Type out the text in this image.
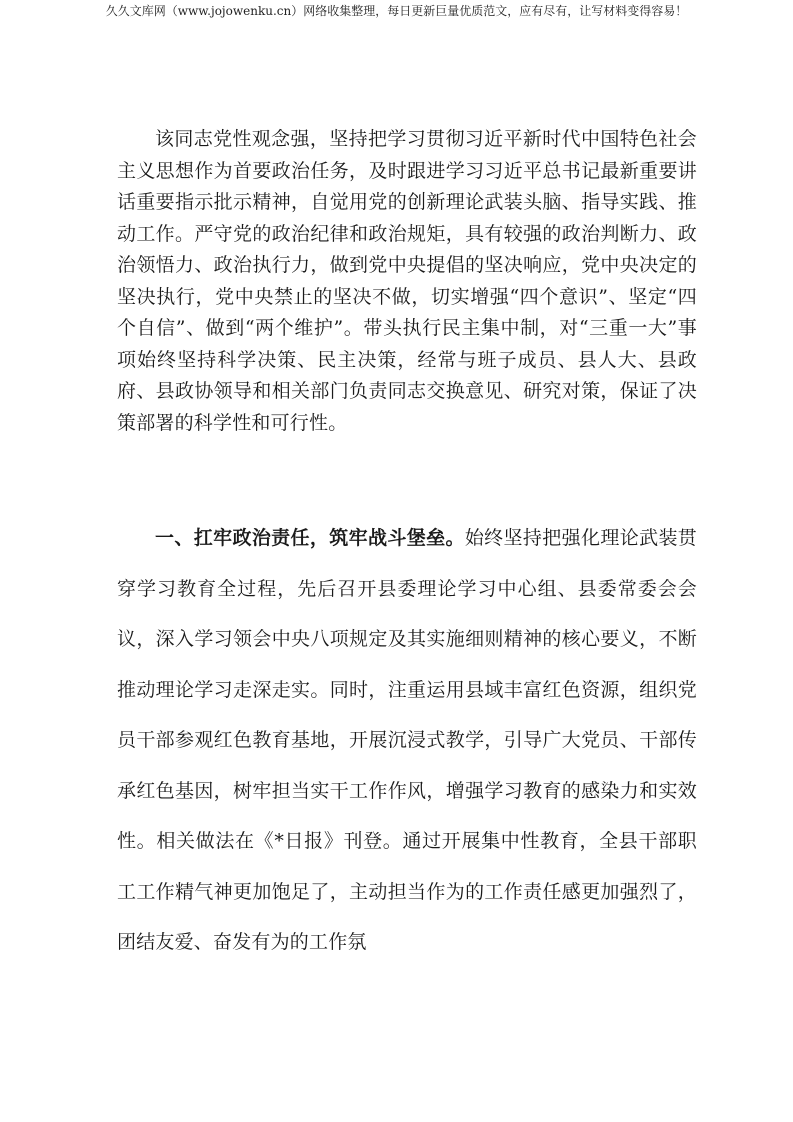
久久文库网（www.jojowenku.cn）网络收集整理，每日更新巨量优质范文，应有尽有，让写材料变得容易！

该同志党性观念强，坚持把学习贯彻习近平新时代中国特色社会主义思想作为首要政治任务，及时跟进学习习近平总书记最新重要讲话重要指示批示精神，自觉用党的创新理论武装头脑、指导实践、推动工作。严守党的政治纪律和政治规矩，具有较强的政治判断力、政治领悟力、政治执行力，做到党中央提倡的坚决响应，党中央决定的坚决执行，党中央禁止的坚决不做，切实增强“四个意识”、坚定“四个自信”、做到“两个维护”。带头执行民主集中制，对“三重一大”事项始终坚持科学决策、民主决策，经常与班子成员、县人大、县政府、县政协领导和相关部门负责同志交换意见、研究对策，保证了决策部署的科学性和可行性。

一、扛牢政治责任，筑牢战斗堡垒。始终坚持把强化理论武装贯穿学习教育全过程，先后召开县委理论学习中心组、县委常委会会议，深入学习领会中央八项规定及其实施细则精神的核心要义，不断推动理论学习走深走实。同时，注重运用县域丰富红色资源，组织党员干部参观红色教育基地，开展沉浸式教学，引导广大党员、干部传承红色基因，树牢担当实干工作作风，增强学习教育的感染力和实效性。相关做法在《*日报》刊登。通过开展集中性教育，全县干部职工工作精气神更加饱足了，主动担当作为的工作责任感更加强烈了，团结友爱、奋发有为的工作氛
